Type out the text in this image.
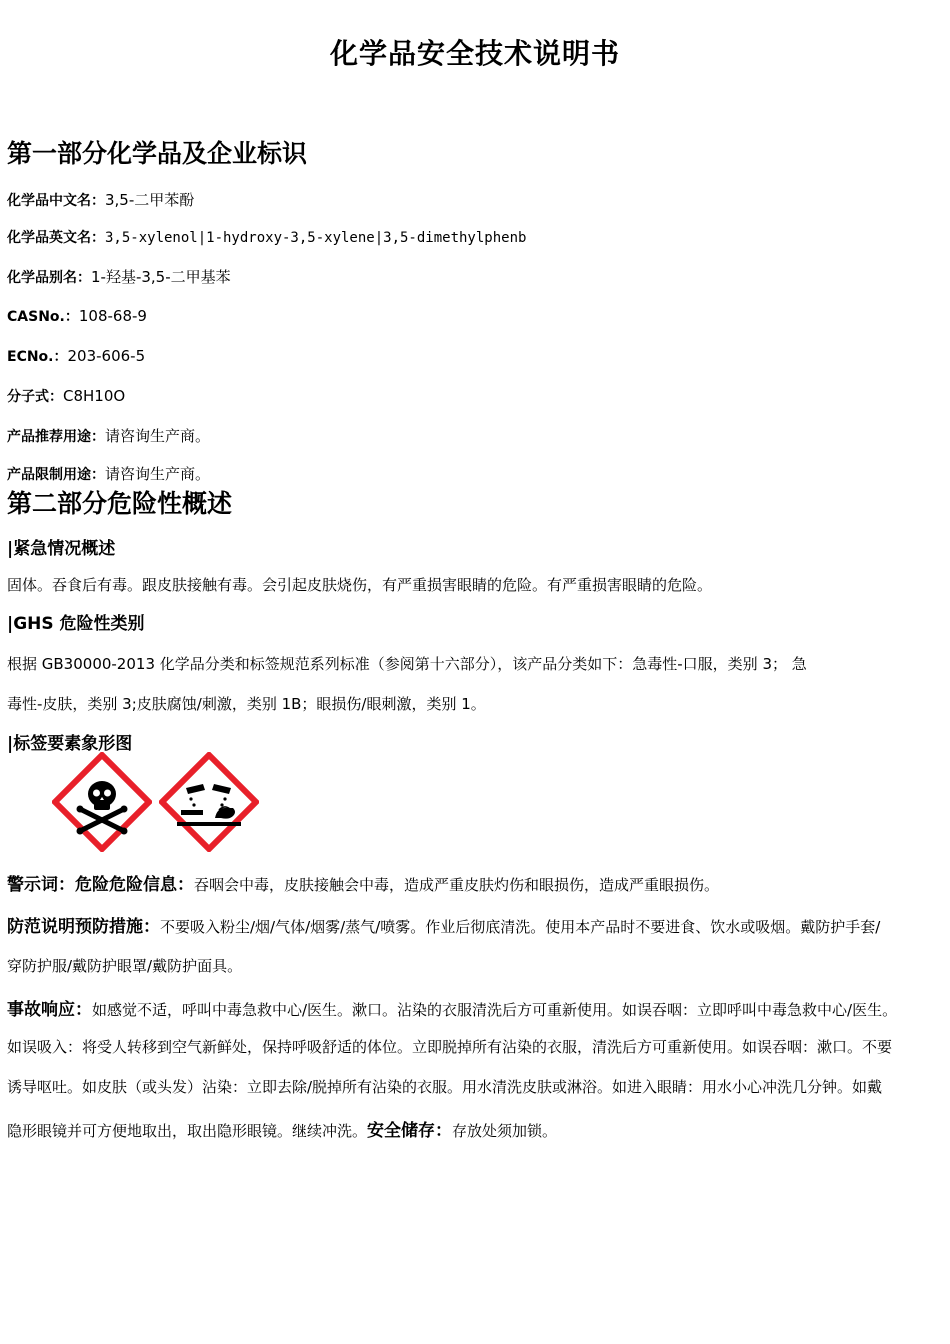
化学品安全技术说明书
第一部分化学品及企业标识
化学品中文名：3,5-二甲苯酚
化学品英文名：3,5-xylenol|1-hydroxy-3,5-xylene|3,5-dimethylphenb
化学品别名：1-羟基-3,5-二甲基苯
CASNo.：108-68-9
ECNo.：203-606-5
分子式：C8H10O
产品推荐用途：请咨询生产商。
产品限制用途：请咨询生产商。
第二部分危险性概述
|紧急情况概述
固体。吞食后有毒。跟皮肤接触有毒。会引起皮肤烧伤，有严重损害眼睛的危险。有严重损害眼睛的危险。
|GHS 危险性类别
根据 GB30000-2013 化学品分类和标签规范系列标准（参阅第十六部分），该产品分类如下：急毒性-口服，类别 3； 急
毒性-皮肤，类别 3;皮肤腐蚀/刺激，类别 1B；眼损伤/眼刺激，类别 1。
|标签要素象形图
警示词：危险危险信息：吞咽会中毒，皮肤接触会中毒，造成严重皮肤灼伤和眼损伤，造成严重眼损伤。
防范说明预防措施：不要吸入粉尘/烟/气体/烟雾/蒸气/喷雾。作业后彻底清洗。使用本产品时不要进食、饮水或吸烟。戴防护手套/
穿防护服/戴防护眼罩/戴防护面具。
事故响应：如感觉不适，呼叫中毒急救中心/医生。漱口。沾染的衣服清洗后方可重新使用。如误吞咽：立即呼叫中毒急救中心/医生。
如误吸入：将受人转移到空气新鲜处，保持呼吸舒适的体位。立即脱掉所有沾染的衣服，清洗后方可重新使用。如误吞咽：漱口。不要
诱导呕吐。如皮肤（或头发）沾染：立即去除/脱掉所有沾染的衣服。用水清洗皮肤或淋浴。如进入眼睛：用水小心冲洗几分钟。如戴
隐形眼镜并可方便地取出，取出隐形眼镜。继续冲洗。安全储存：存放处须加锁。
